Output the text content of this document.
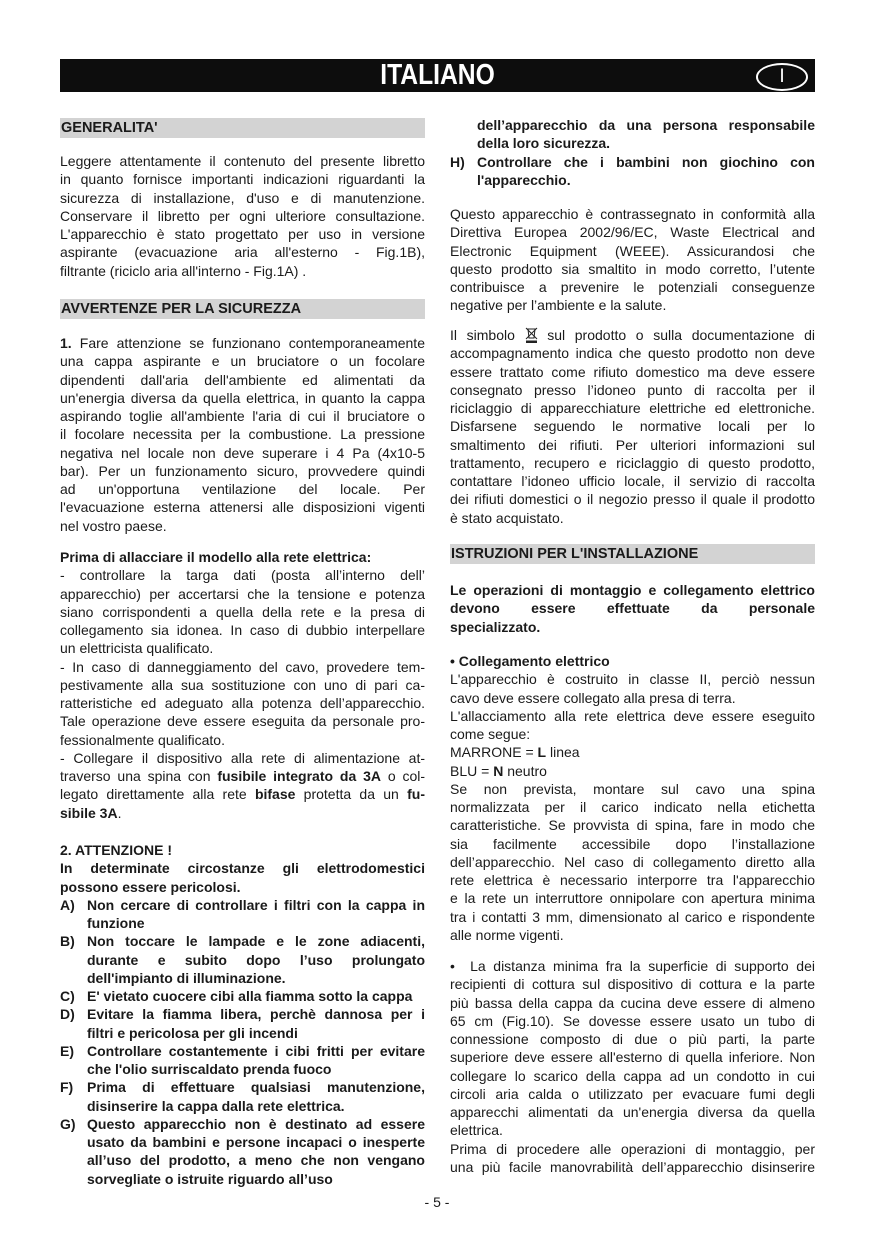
ITALIANO	I
GENERALITA'
Leggere attentamente il contenuto del presente libretto
in quanto fornisce importanti indicazioni riguardanti la
sicurezza di installazione, d'uso e di manutenzione.
Conservare il libretto per ogni ulteriore consultazione.
L'apparecchio è stato progettato per uso in versione
aspirante (evacuazione aria all'esterno - Fig.1B),
filtrante (riciclo aria all'interno - Fig.1A) .
AVVERTENZE PER LA SICUREZZA
1. Fare attenzione se funzionano contemporaneamente
una cappa aspirante e un bruciatore o un focolare
dipendenti dall'aria dell'ambiente ed alimentati da
un'energia diversa da quella elettrica, in quanto la cappa
aspirando toglie all'ambiente l'aria di cui il bruciatore o
il focolare necessita per la combustione. La pressione
negativa nel locale non deve superare i 4 Pa (4x10-5
bar). Per un funzionamento sicuro, provvedere quindi
ad un'opportuna ventilazione del locale. Per
l'evacuazione esterna attenersi alle disposizioni vigenti
nel vostro paese.
Prima di allacciare il modello alla rete elettrica:
- controllare la targa dati (posta all’interno dell’
apparecchio) per accertarsi che la tensione e potenza
siano corrispondenti a quella della rete e la presa di
collegamento sia idonea. In caso di dubbio interpellare
un elettricista qualificato.
- In caso di danneggiamento del cavo, provedere tem-
pestivamente alla sua sostituzione con uno di pari ca-
ratteristiche ed adeguato alla potenza dell’apparecchio.
Tale operazione deve essere eseguita da personale pro-
fessionalmente qualificato.
- Collegare il dispositivo alla rete di alimentazione at-
traverso una spina con fusibile integrato da 3A o col-
legato direttamente alla rete bifase protetta da un fu-
sibile 3A.
2. ATTENZIONE !
In determinate circostanze gli elettrodomestici
possono essere pericolosi.
A) Non cercare di controllare i filtri con la cappa in
funzione
B) Non toccare le lampade e le zone adiacenti,
durante e subito dopo l’uso prolungato
dell'impianto di illuminazione.
C) E' vietato cuocere cibi alla fiamma sotto la cappa
D) Evitare la fiamma libera, perchè dannosa per i
filtri e pericolosa per gli incendi
E) Controllare costantemente i cibi fritti per evitare
che l'olio surriscaldato prenda fuoco
F) Prima di effettuare qualsiasi manutenzione,
disinserire la cappa dalla rete elettrica.
G) Questo apparecchio non è destinato ad essere
usato da bambini e persone incapaci o inesperte
all’uso del prodotto, a meno che non vengano
sorvegliate o istruite riguardo all’uso
dell’apparecchio da una persona responsabile
della loro sicurezza.
H) Controllare che i bambini non giochino con
l'apparecchio.
Questo apparecchio è contrassegnato in conformità alla
Direttiva Europea 2002/96/EC, Waste Electrical and
Electronic Equipment (WEEE). Assicurandosi che
questo prodotto sia smaltito in modo corretto, l’utente
contribuisce a prevenire le potenziali conseguenze
negative per l’ambiente e la salute.
Il simbolo  sul prodotto o sulla documentazione di
accompagnamento indica che questo prodotto non deve
essere trattato come rifiuto domestico ma deve essere
consegnato presso l’idoneo punto di raccolta per il
riciclaggio di apparecchiature elettriche ed elettroniche.
Disfarsene seguendo le normative locali per lo
smaltimento dei rifiuti. Per ulteriori informazioni sul
trattamento, recupero e riciclaggio di questo prodotto,
contattare l’idoneo ufficio locale, il servizio di raccolta
dei rifiuti domestici o il negozio presso il quale il prodotto
è stato acquistato.
ISTRUZIONI PER L'INSTALLAZIONE
Le operazioni di montaggio e collegamento elettrico
devono essere effettuate da personale
specializzato.
• Collegamento elettrico
L'apparecchio è costruito in classe II, perciò nessun
cavo deve essere collegato alla presa di terra.
L'allacciamento alla rete elettrica deve essere eseguito
come segue:
MARRONE = L linea
BLU = N neutro
Se non prevista, montare sul cavo una spina
normalizzata per il carico indicato nella etichetta
caratteristiche. Se provvista di spina, fare in modo che
sia facilmente accessibile dopo l’installazione
dell’apparecchio. Nel caso di collegamento diretto alla
rete elettrica è necessario interporre tra l'apparecchio
e la rete un interruttore onnipolare con apertura minima
tra i contatti 3 mm, dimensionato al carico e rispondente
alle norme vigenti.
•  La distanza minima fra la superficie di supporto dei
recipienti di cottura sul dispositivo di cottura e la parte
più bassa della cappa da cucina deve essere di almeno
65 cm (Fig.10). Se dovesse essere usato un tubo di
connessione composto di due o più parti, la parte
superiore deve essere all'esterno di quella inferiore. Non
collegare lo scarico della cappa ad un condotto in cui
circoli aria calda o utilizzato per evacuare fumi degli
apparecchi alimentati da un'energia diversa da quella
elettrica.
Prima di procedere alle operazioni di montaggio, per
una più facile manovrabilità dell’apparecchio disinserire
- 5 -
